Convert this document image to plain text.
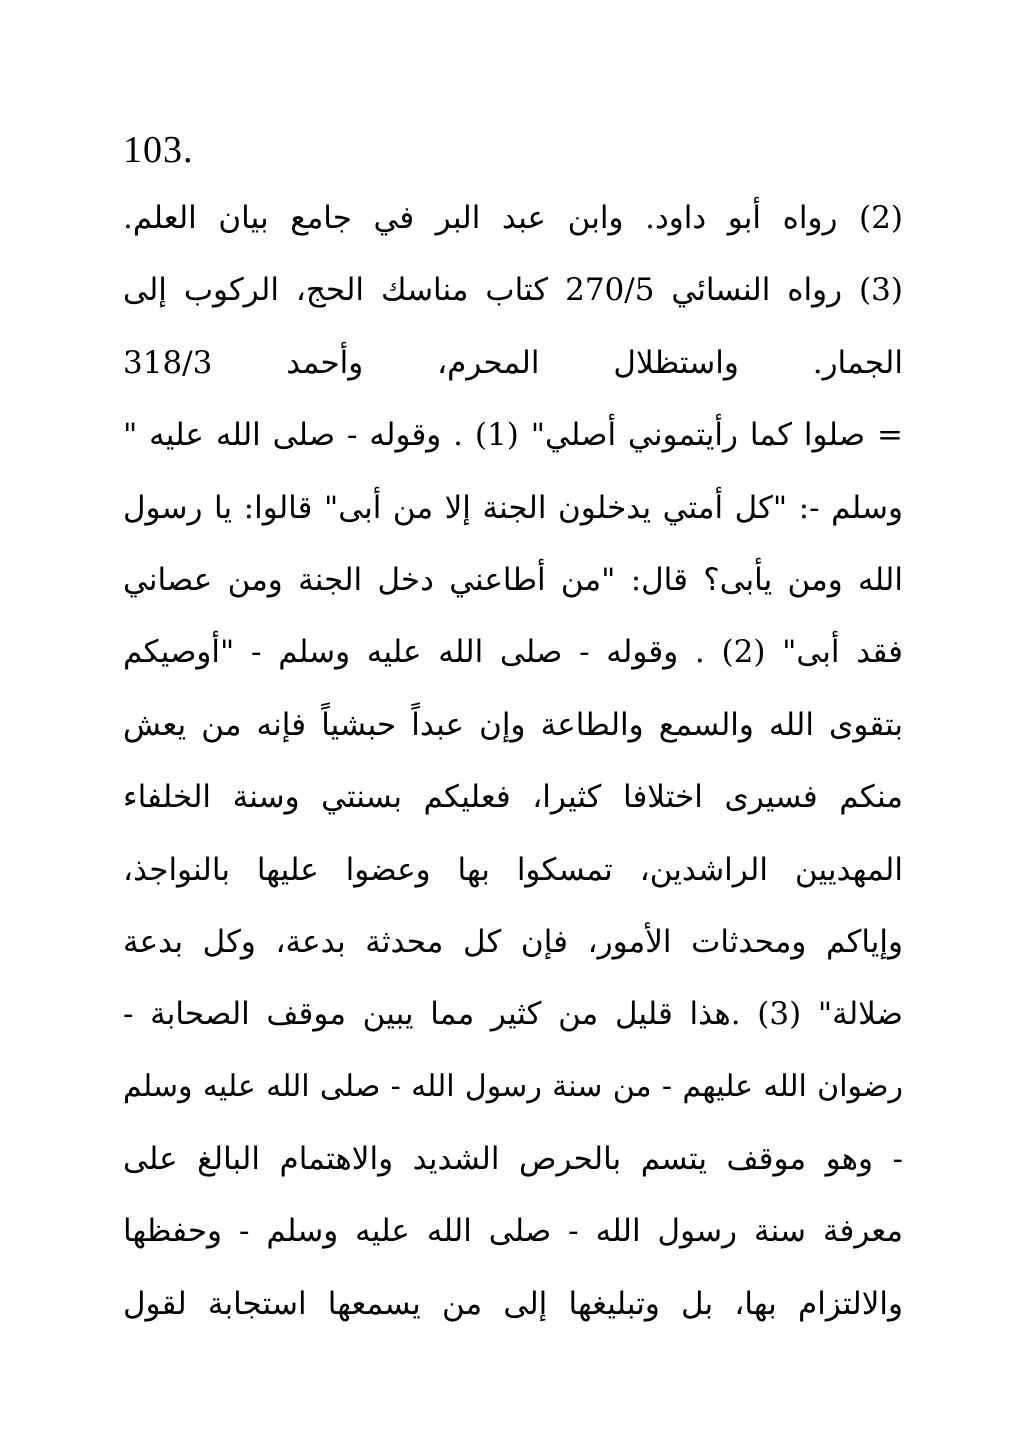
103.
(2) رواه أبو داود. وابن عبد البر في جامع بيان العلم.
(3) رواه النسائي 270/5 كتاب مناسك الحج، الركوب إلى
الجمار. واستظلال المحرم، وأحمد 318/3
= صلوا كما رأيتموني أصلي" (1) . وقوله - صلى الله عليه "
وسلم -: "كل أمتي يدخلون الجنة إلا من أبى" قالوا: يا رسول
الله ومن يأبى؟ قال: "من أطاعني دخل الجنة ومن عصاني
فقد أبى" (2) . وقوله - صلى الله عليه وسلم - "أوصيكم
بتقوى الله والسمع والطاعة وإن عبداً حبشياً فإنه من يعش
منكم فسيرى اختلافا كثيرا، فعليكم بسنتي وسنة الخلفاء
المهديين الراشدين، تمسكوا بها وعضوا عليها بالنواجذ،
وإياكم ومحدثات الأمور، فإن كل محدثة بدعة، وكل بدعة
ضلالة" (3) .هذا قليل من كثير مما يبين موقف الصحابة -
رضوان الله عليهم - من سنة رسول الله - صلى الله عليه وسلم
- وهو موقف يتسم بالحرص الشديد والاهتمام البالغ على
معرفة سنة رسول الله - صلى الله عليه وسلم - وحفظها
والالتزام بها، بل وتبليغها إلى من يسمعها استجابة لقول
